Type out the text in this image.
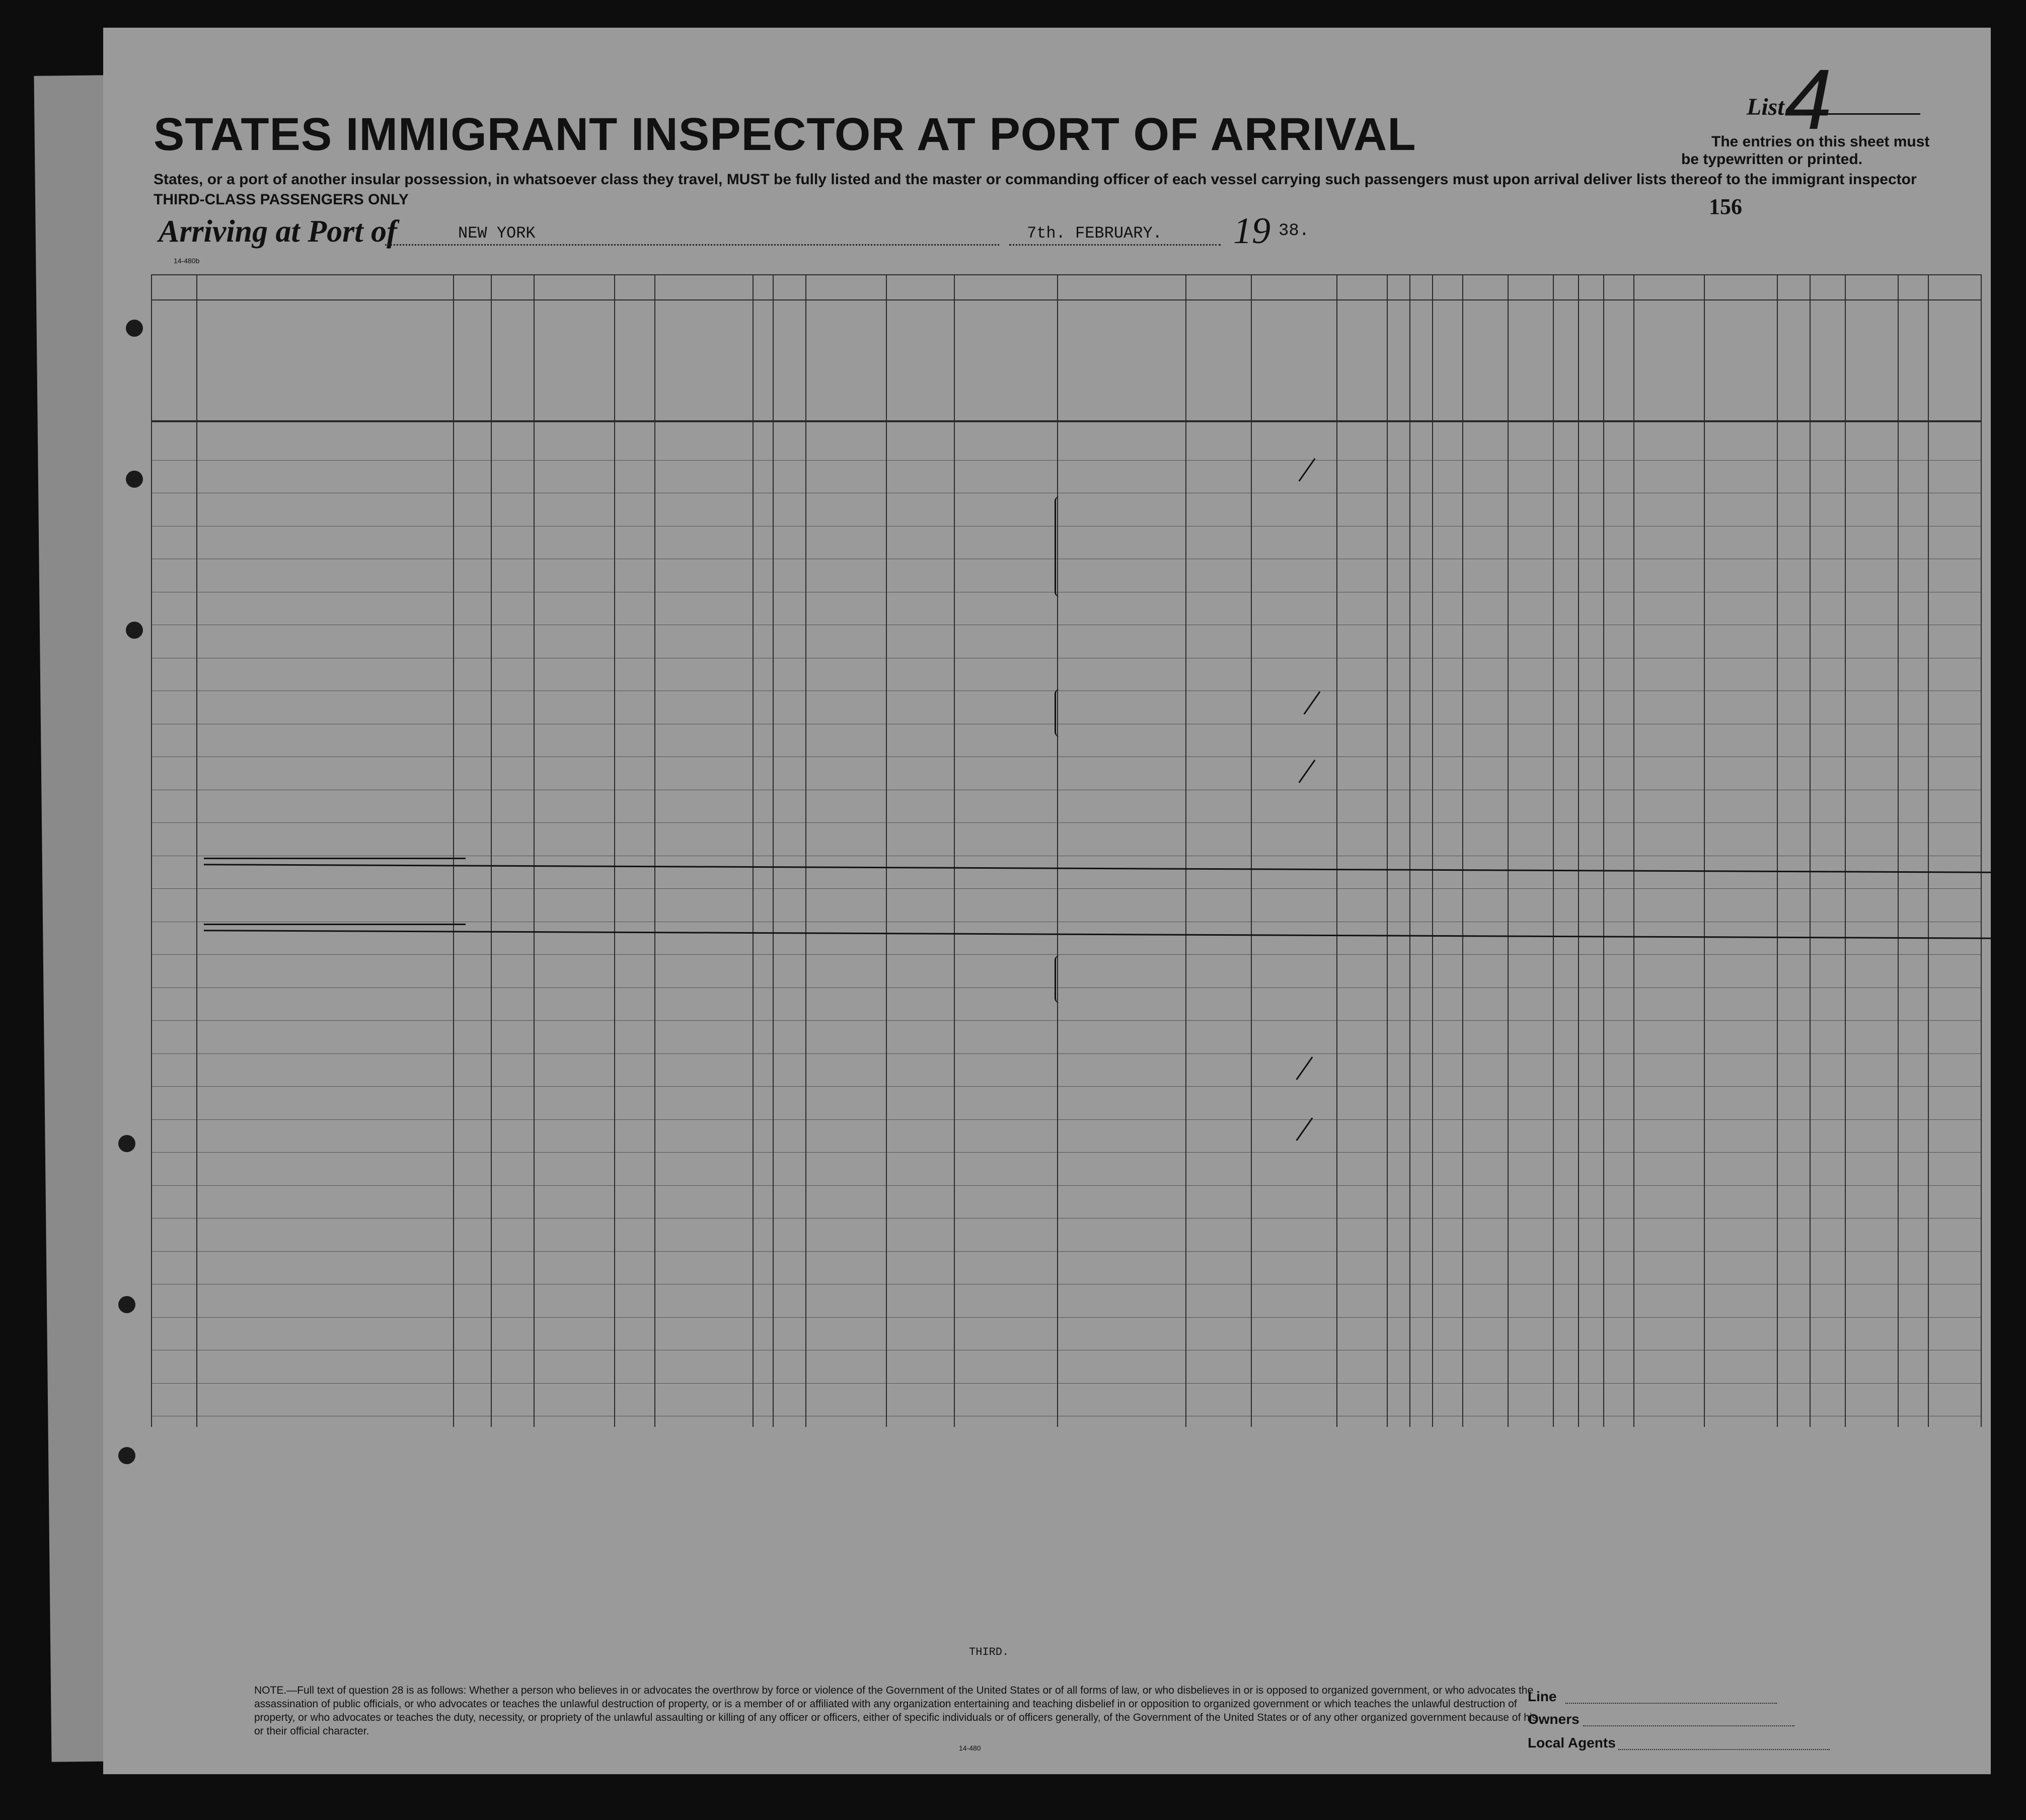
14-480b
STATES IMMIGRANT INSPECTOR AT PORT OF ARRIVAL
States, or a port of another insular possession, in whatsoever class they travel, MUST be fully listed and the master or commanding officer of each vessel carrying such passengers must upon arrival deliver lists thereof to the immigrant inspector
THIRD-CLASS PASSENGERS ONLY
List 4
The entries on this sheet must
be typewritten or printed.
156
Arriving at Port of	NEW YORK	7th. FEBRUARY. 19 38.
THIRD.
NOTE.—Full text of question 28 is as follows: Whether a person who believes in or advocates the overthrow by force or violence of the Government of the United States or of all forms of law, or who disbelieves in or is opposed to organized government, or who advocates the assassination of public officials, or who advocates or teaches the unlawful destruction of property, or is a member of or affiliated with any organization entertaining and teaching disbelief in or opposition to organized government or which teaches the unlawful destruction of property, or who advocates or teaches the duty, necessity, or propriety of the unlawful assaulting or killing of any officer or officers, either of specific individuals or of officers generally, of the Government of the United States or of any other organized government because of his or their official character.
14-480
Line
Owners
Local Agents
